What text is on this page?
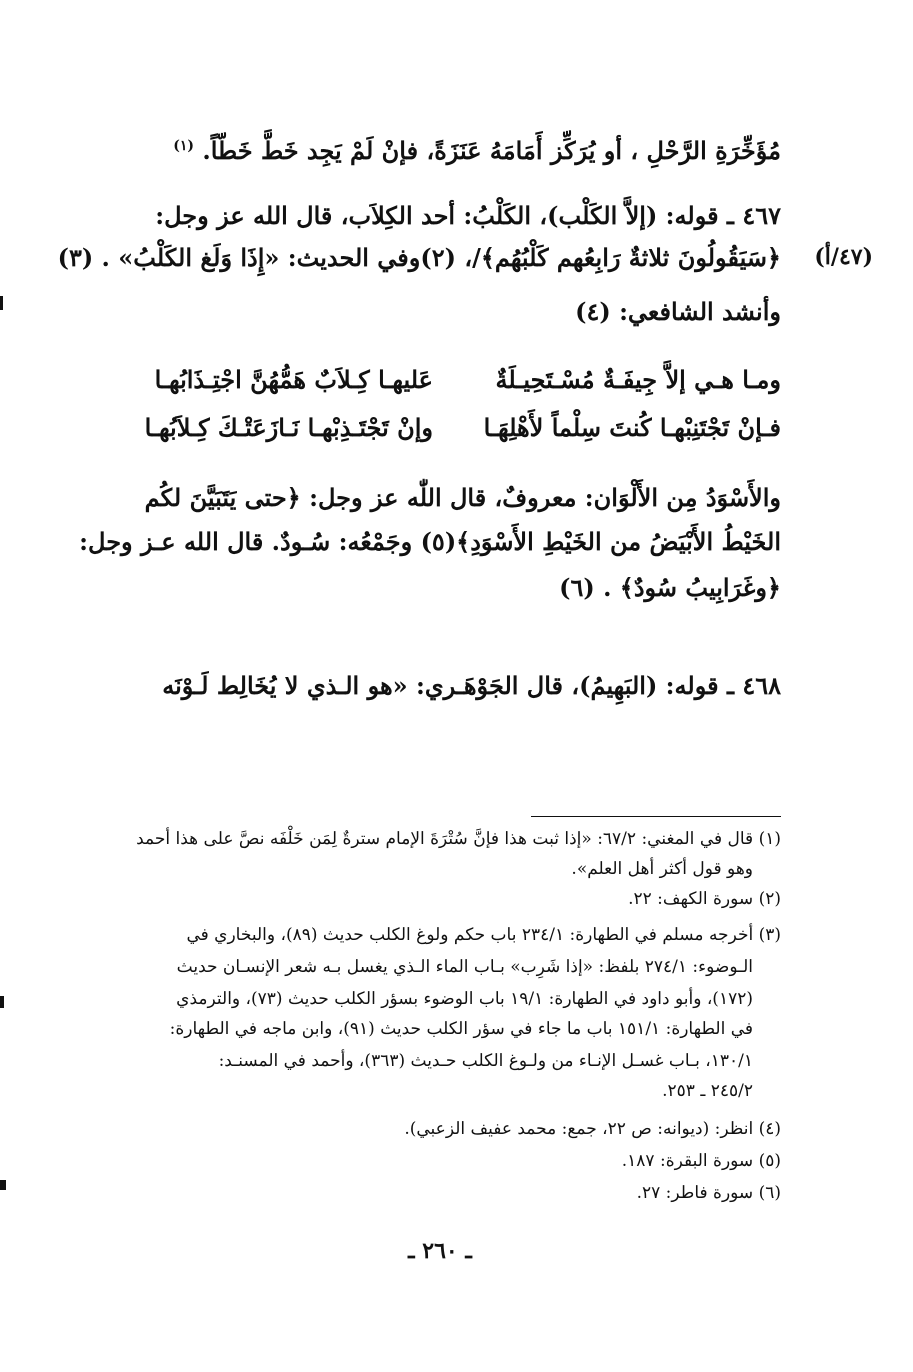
مُؤَخِّرَةِ الرَّحْلِ ، أو يُرَكِّز أَمَامَهُ عَنَزَةً، فإنْ لَمْ يَجِد خَطَّ خَطّاً. $^{(١)}$
٤٦٧ ـ قوله: (إلاَّ الكَلْب)، الكَلْبُ: أحد الكِلاَب، قال الله عز وجل:
(٤٧/أ)
﴿سَيَقُولُونَ ثلاثةٌ رَابِعُهم كَلْبُهُم﴾/، (٢)وفي الحديث: «إِذَا وَلَغ الكَلْبُ» . (٣)
وأنشد الشافعي: (٤)
ومـا هـي إلاَّ جِيفَـةٌ مُسْـتَحِيـلَةٌ
عَليهـا كِـلاَبٌ هَمُّهُنَّ اجْتِـذَابُهـا
فـإنْ تَجْتَنِبْهـا كُنتَ سِلْماً لأَهْلِهَـا
وإنْ تَجْتَـذِبْهـا نَـازَعَتْـكَ كِـلاَبُهـا
والأَسْوَدُ مِن الأَلْوَان: معروفٌ، قال اللّٰه عز وجل: ﴿حتى يَتَبَيَّنَ لكُم
الخَيْطُ الأَبْيَضُ من الخَيْطِ الأَسْوَدِ﴾(٥) وجَمْعُه: سُـودٌ. قال الله عـز وجل:
﴿وغَرَابِيبُ سُودٌ﴾ . (٦)
٤٦٨ ـ قوله: (البَهِيمُ)، قال الجَوْهَـري: «هو الـذي لا يُخَالِط لَـوْنَه
(١) قال في المغني: ٦٧/٢: «إذا ثبت هذا فإنَّ سُتْرَةَ الإمام سترةٌ لِمَن خَلْفَه نصَّ على هذا أحمد
وهو قول أكثر أهل العلم».
(٢) سورة الكهف: ٢٢.
(٣) أخرجه مسلم في الطهارة: ٢٣٤/١ باب حكم ولوغ الكلب حديث (٨٩)، والبخاري في
الـوضوء: ٢٧٤/١ بلفظ: «إذا شَرِب» بـاب الماء الـذي يغسل بـه شعر الإنسـان حديث
(١٧٢)، وأبو داود في الطهارة: ١٩/١ باب الوضوء بسؤر الكلب حديث (٧٣)، والترمذي
في الطهارة: ١٥١/١ باب ما جاء في سؤر الكلب حديث (٩١)، وابن ماجه في الطهارة:
١٣٠/١، بـاب غسـل الإنـاء من ولـوغ الكلب حـديث (٣٦٣)، وأحمد في المسنـد:
٢٤٥/٢ ـ ٢٥٣.
(٤) انظر: (ديوانه: ص ٢٢، جمع: محمد عفيف الزعبي).
(٥) سورة البقرة: ١٨٧.
(٦) سورة فاطر: ٢٧.
ـ ٢٦٠ ـ
